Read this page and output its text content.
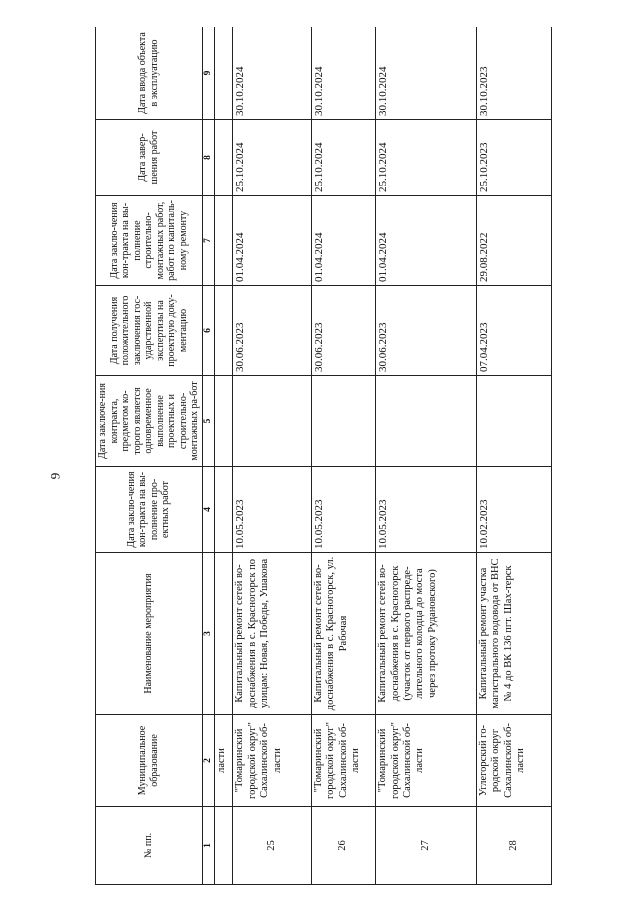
9
№ пп.	Муниципальное образование	Наименование мероприятия	Дата заклю-чения кон-тракта на вы-полнение про-ектных работ	Дата заключе-ния контракта, предметом ко-торого является одновременное выполнение проектных и строительно-монтажных ра-бот	Дата получения положительного заключения гос-ударственной экспертизы на проектную доку-ментацию	Дата заклю-чения кон-тракта на вы-полнение строительно-монтажных работ, работ по капиталь-ному ремонту	Дата завер-шения работ	Дата ввода объекта в эксплуатацию
1	2	3	4	5	6	7	8	9
	ласти							
25	"Томаринский городской округ" Сахалинской об-ласти	Капитальный ремонт сетей во-доснабжения в с. Красногорск по улицам: Новая, Победы, Ушакова	10.05.2023		30.06.2023	01.04.2024	25.10.2024	30.10.2024
26	"Томаринский городской округ" Сахалинской об-ласти	Капитальный ремонт сетей во-доснабжения в с. Красногорск, ул. Рабочая	10.05.2023		30.06.2023	01.04.2024	25.10.2024	30.10.2024
27	"Томаринский городской округ" Сахалинской об-ласти	Капитальный ремонт сетей во-доснабжения в с. Красногорск (участок от первого распреде-лительного колодца до моста через протоку Рудановского)	10.05.2023		30.06.2023	01.04.2024	25.10.2024	30.10.2024
28	Углегорский го-родской округ Сахалинской об-ласти	Капитальный ремонт участка магистрального водовода от ВНС № 4 до ВК 136 пгт. Шах-терск	10.02.2023		07.04.2023	29.08.2022	25.10.2023	30.10.2023
